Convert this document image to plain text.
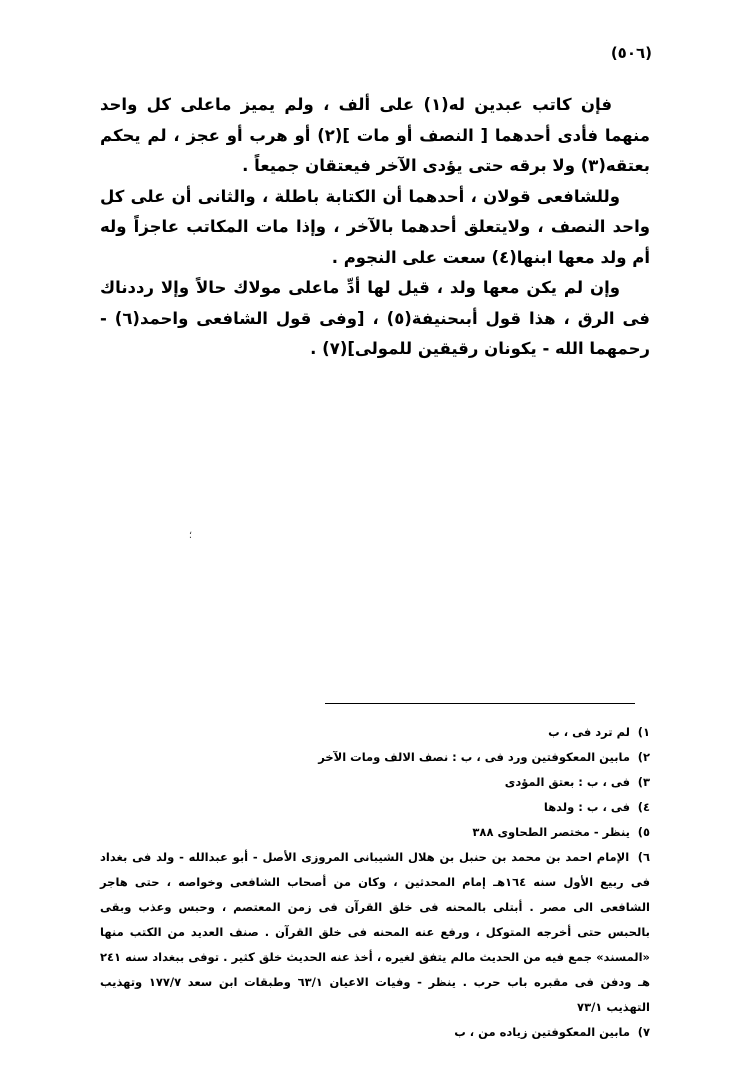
(٥٠٦)

فإن كاتب عبدين له(١) على ألف ، ولم يميز ماعلى كل واحد منهما فأدى أحدهما [ النصف أو مات ](٢) أو هرب أو عجز ، لم يحكم بعتقه(٣) ولا برقه حتى يؤدى الآخر فيعتقان جميعاً .

وللشافعى قولان ، أحدهما أن الكتابة باطلة ، والثانى أن على كل واحد النصف ، ولايتعلق أحدهما بالآخر ، وإذا مات المكاتب عاجزاً وله أم ولد معها ابنها(٤) سعت على النجوم .

وإن لم يكن معها ولد ، قيل لها أدِّ ماعلى مولاك حالاً وإلا رددناك فى الرق ، هذا قول أبىحنيفة(٥) ، [وفى قول الشافعى واحمد(٦) - رحمهما الله - يكونان رقيقين للمولى](٧) .

؛

١) لم ترد فى ، ب

٢) مابين المعكوفتين ورد فى ، ب : نصف الالف ومات الآخر

٣) فى ، ب : بعتق المؤدى

٤) فى ، ب : ولدها

٥) ينظر - مختصر الطحاوى ٣٨٨

٦) الإمام احمد بن محمد بن حنبل بن هلال الشيبانى المروزى الأصل - أبو عبدالله - ولد فى بغداد فى ربيع الأول سنه ١٦٤هـ إمام المحدثين ، وكان من أصحاب الشافعى وخواصه ، حتى هاجر الشافعى الى مصر . أبتلى بالمحنه فى خلق القرآن فى زمن المعتصم ، وحبس وعذب وبقى بالحبس حتى أخرجه المتوكل ، ورفع عنه المحنه فى خلق القرآن . صنف العديد من الكتب منها «المسند» جمع فيه من الحديث مالم يتفق لغيره ، أخذ عنه الحديث خلق كثير . توفى ببغداد سنه ٢٤١ هـ ودفن فى مقبره باب حرب . ينظر - وفيات الاعيان ٦٣/١ وطبقات ابن سعد ١٧٧/٧ وتهذيب التهذيب ٧٣/١

٧) مابين المعكوفتين زياده من ، ب
